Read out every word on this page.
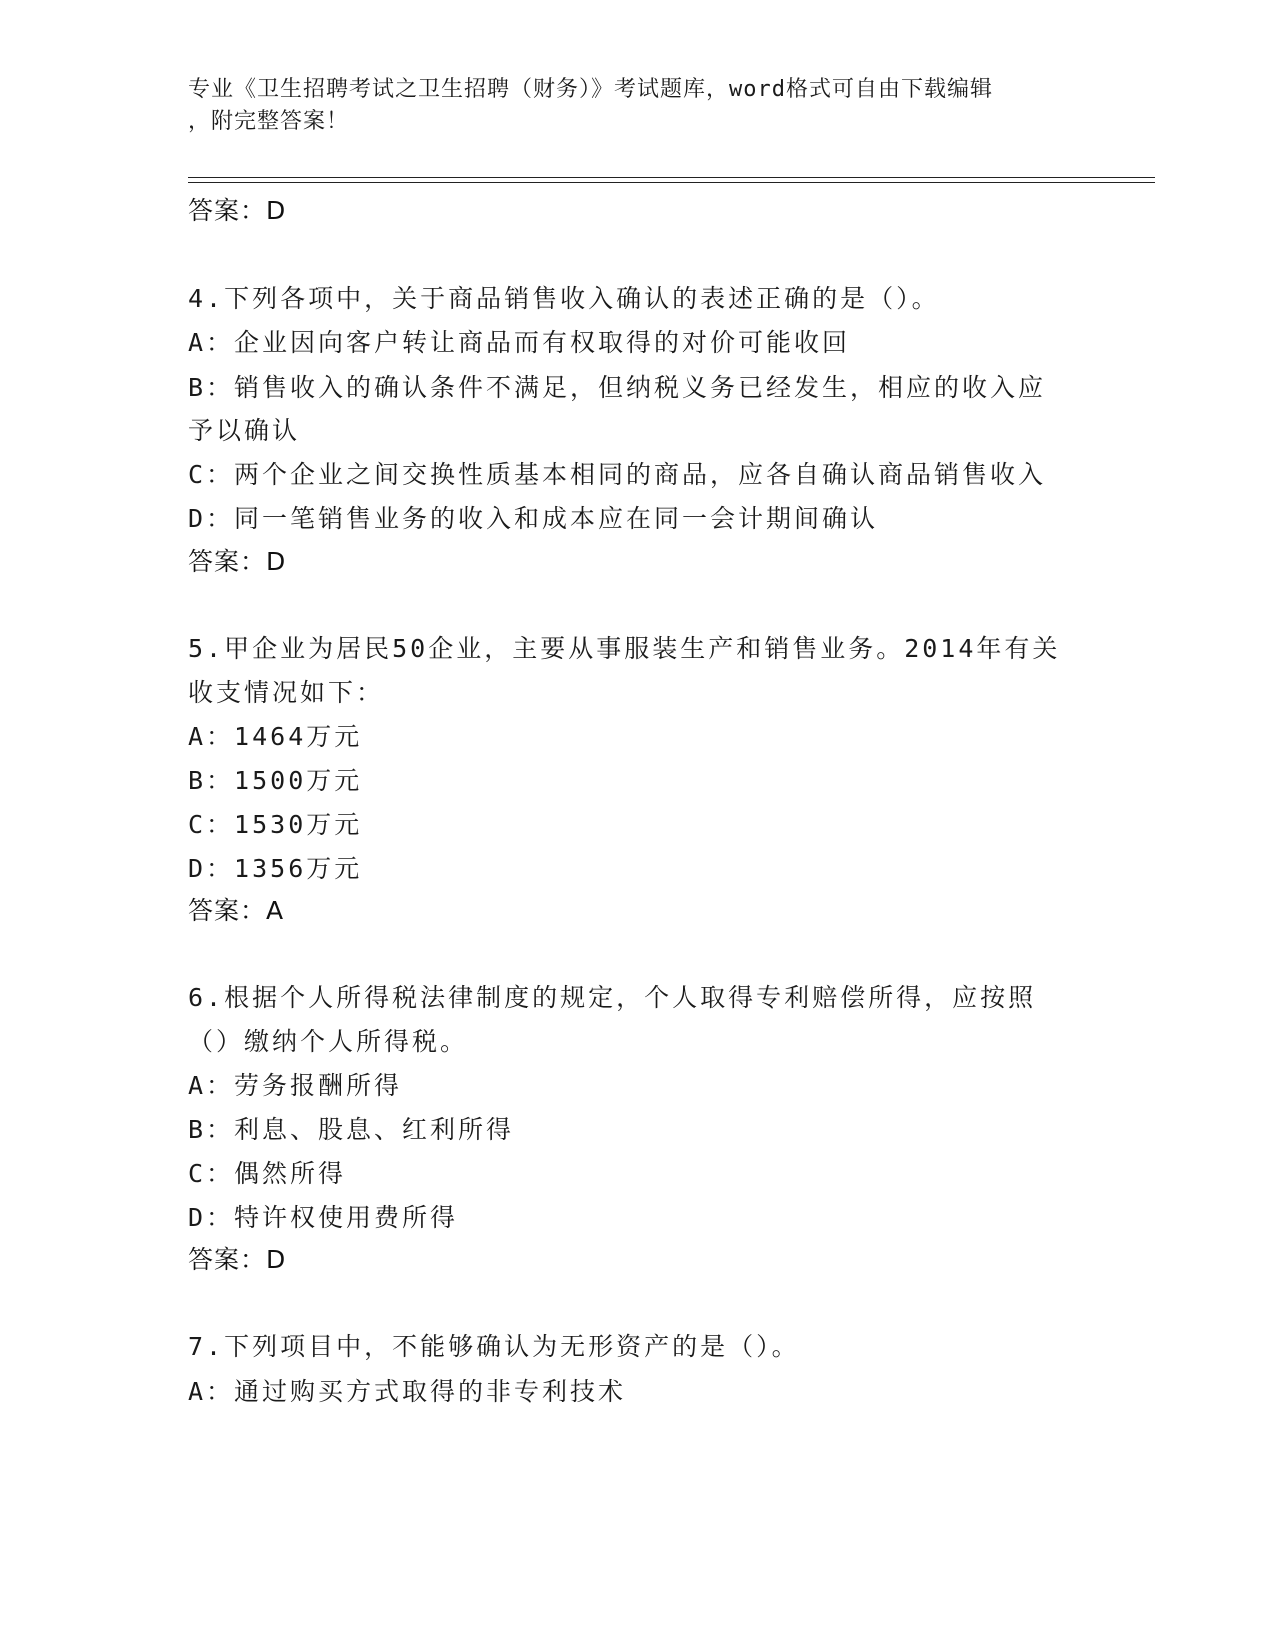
专业《卫生招聘考试之卫生招聘（财务）》考试题库，word格式可自由下载编辑
，附完整答案！
答案：D
4.下列各项中，关于商品销售收入确认的表述正确的是（）。
A：企业因向客户转让商品而有权取得的对价可能收回
B：销售收入的确认条件不满足，但纳税义务已经发生，相应的收入应
予以确认
C：两个企业之间交换性质基本相同的商品，应各自确认商品销售收入
D：同一笔销售业务的收入和成本应在同一会计期间确认
答案：D
5.甲企业为居民50企业，主要从事服装生产和销售业务。2014年有关
收支情况如下：
A：1464万元
B：1500万元
C：1530万元
D：1356万元
答案：A
6.根据个人所得税法律制度的规定，个人取得专利赔偿所得，应按照
（）缴纳个人所得税。
A：劳务报酬所得
B：利息、股息、红利所得
C：偶然所得
D：特许权使用费所得
答案：D
7.下列项目中，不能够确认为无形资产的是（）。
A：通过购买方式取得的非专利技术
